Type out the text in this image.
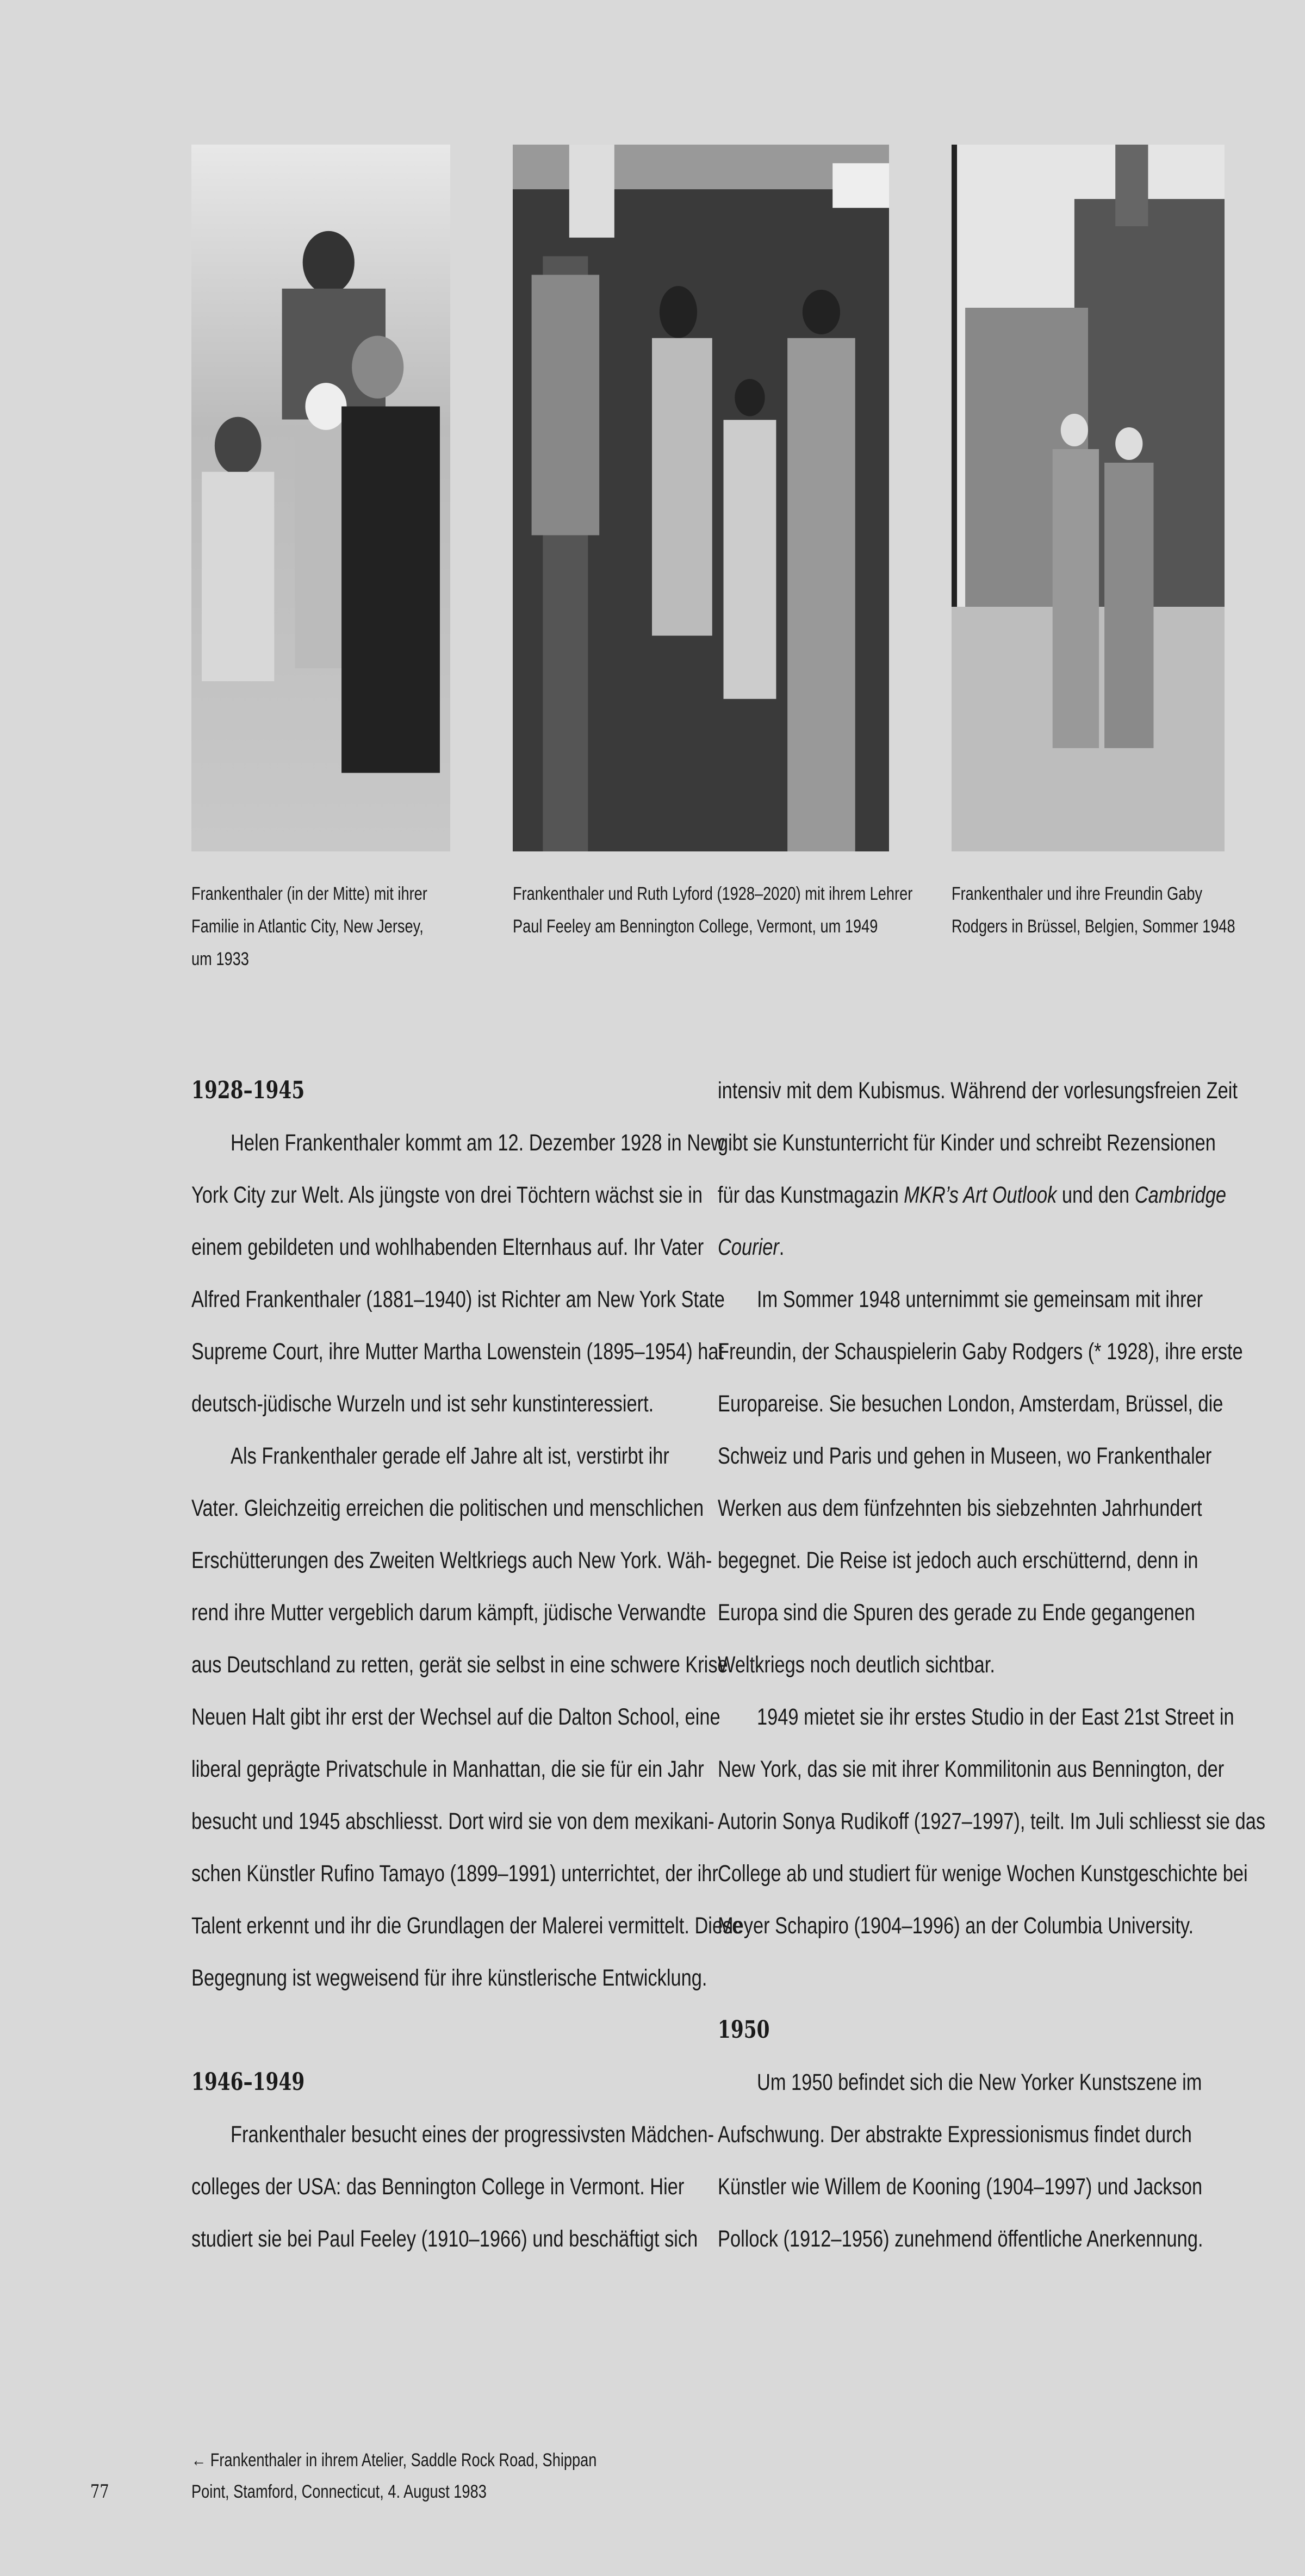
Frankenthaler (in der Mitte) mit ihrer
Familie in Atlantic City, New Jersey,
um 1933
Frankenthaler und Ruth Lyford (1928–2020) mit ihrem Lehrer
Paul Feeley am Bennington College, Vermont, um 1949
Frankenthaler und ihre Freundin Gaby
Rodgers in Brüssel, Belgien, Sommer 1948
1928–1945
Helen Frankenthaler kommt am 12. Dezember 1928 in New
York City zur Welt. Als jüngste von drei Töchtern wächst sie in
einem gebildeten und wohlhabenden Elternhaus auf. Ihr Vater
Alfred Frankenthaler (1881–1940) ist Richter am New York State
Supreme Court, ihre Mutter Martha Lowenstein (1895–1954) hat
deutsch-jüdische Wurzeln und ist sehr kunstinteressiert.
Als Frankenthaler gerade elf Jahre alt ist, verstirbt ihr
Vater. Gleichzeitig erreichen die politischen und menschlichen
Erschütterungen des Zweiten Weltkriegs auch New York. Wäh-
rend ihre Mutter vergeblich darum kämpft, jüdische Verwandte
aus Deutschland zu retten, gerät sie selbst in eine schwere Krise.
Neuen Halt gibt ihr erst der Wechsel auf die Dalton School, eine
liberal geprägte Privatschule in Manhattan, die sie für ein Jahr
besucht und 1945 abschliesst. Dort wird sie von dem mexikani-
schen Künstler Rufino Tamayo (1899–1991) unterrichtet, der ihr
Talent erkennt und ihr die Grundlagen der Malerei vermittelt. Diese
Begegnung ist wegweisend für ihre künstlerische Entwicklung.
1946–1949
Frankenthaler besucht eines der progressivsten Mädchen-
colleges der USA: das Bennington College in Vermont. Hier
studiert sie bei Paul Feeley (1910–1966) und beschäftigt sich
intensiv mit dem Kubismus. Während der vorlesungsfreien Zeit
gibt sie Kunstunterricht für Kinder und schreibt Rezensionen
für das Kunstmagazin MKR’s Art Outlook und den Cambridge
Courier.
Im Sommer 1948 unternimmt sie gemeinsam mit ihrer
Freundin, der Schauspielerin Gaby Rodgers (* 1928), ihre erste
Europareise. Sie besuchen London, Amsterdam, Brüssel, die
Schweiz und Paris und gehen in Museen, wo Frankenthaler
Werken aus dem fünfzehnten bis siebzehnten Jahrhundert
begegnet. Die Reise ist jedoch auch erschütternd, denn in
Europa sind die Spuren des gerade zu Ende gegangenen
Weltkriegs noch deutlich sichtbar.
1949 mietet sie ihr erstes Studio in der East 21st Street in
New York, das sie mit ihrer Kommilitonin aus Bennington, der
Autorin Sonya Rudikoff (1927–1997), teilt. Im Juli schliesst sie das
College ab und studiert für wenige Wochen Kunstgeschichte bei
Meyer Schapiro (1904–1996) an der Columbia University.
1950
Um 1950 befindet sich die New Yorker Kunstszene im
Aufschwung. Der abstrakte Expressionismus findet durch
Künstler wie Willem de Kooning (1904–1997) und Jackson
Pollock (1912–1956) zunehmend öffentliche Anerkennung.
← Frankenthaler in ihrem Atelier, Saddle Rock Road, Shippan
Point, Stamford, Connecticut, 4. August 1983
77
